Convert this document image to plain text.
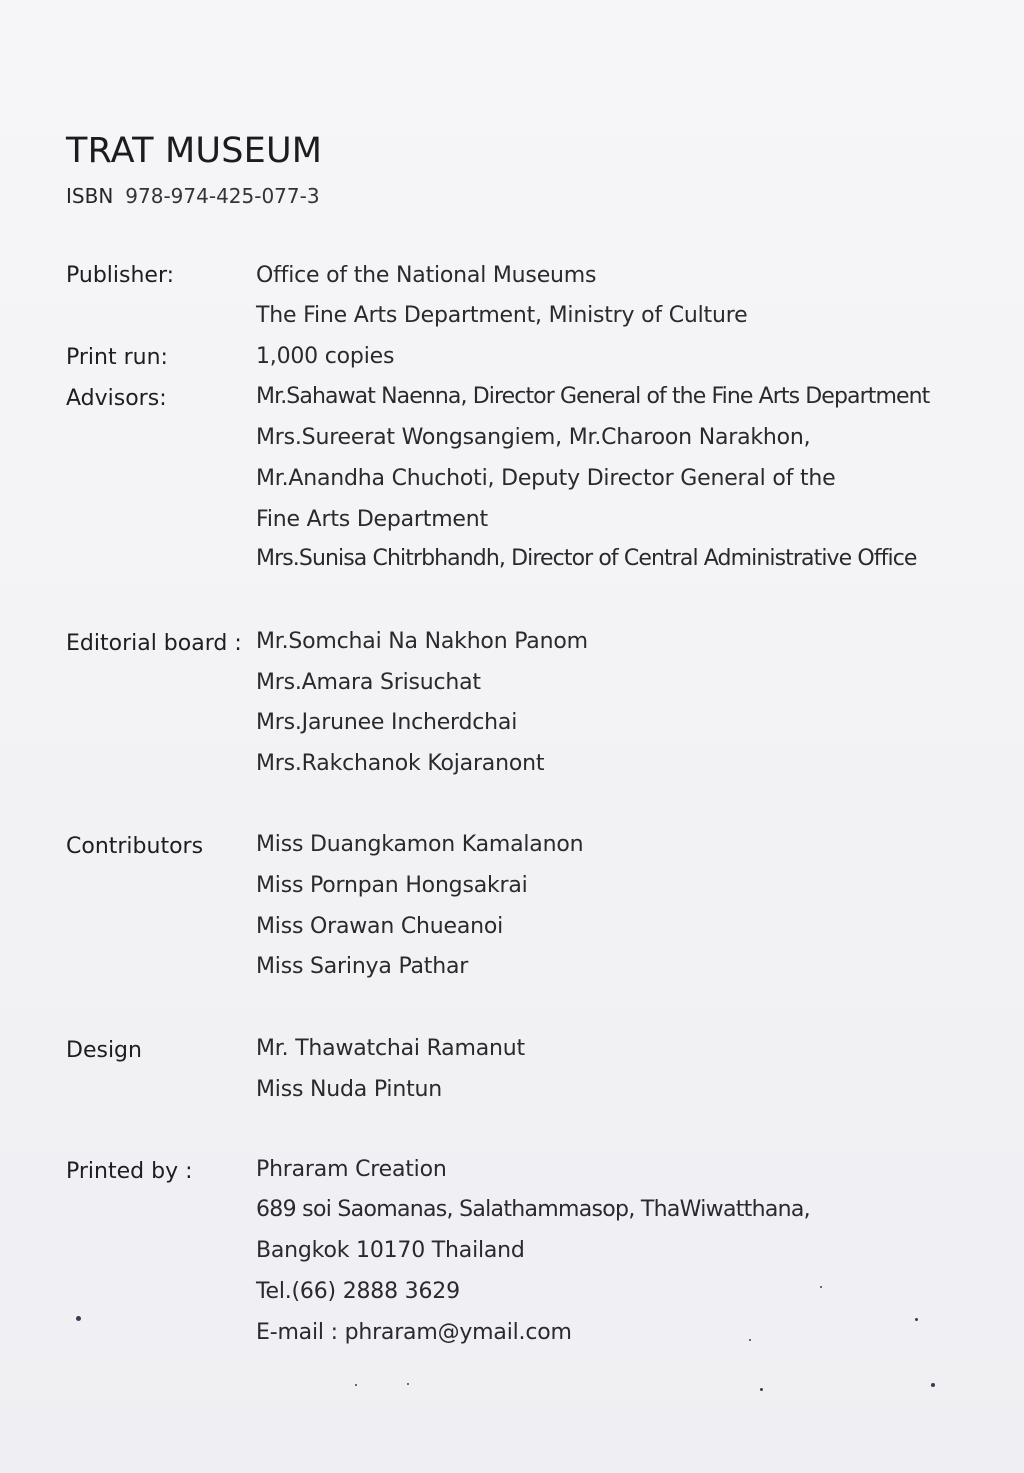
TRAT MUSEUM
ISBN 978-974-425-077-3
Publisher:	Office of the National Museums
The Fine Arts Department, Ministry of Culture
Print run:	1,000 copies
Advisors:	Mr.Sahawat Naenna, Director General of the Fine Arts Department
Mrs.Sureerat Wongsangiem, Mr.Charoon Narakhon,
Mr.Anandha Chuchoti, Deputy Director General of the
Fine Arts Department
Mrs.Sunisa Chitrbhandh, Director of Central Administrative Office
Editorial board : Mr.Somchai Na Nakhon Panom
Mrs.Amara Srisuchat
Mrs.Jarunee Incherdchai
Mrs.Rakchanok Kojaranont
Contributors Miss Duangkamon Kamalanon
Miss Pornpan Hongsakrai
Miss Orawan Chueanoi
Miss Sarinya Pathar
Design	Mr. Thawatchai Ramanut
Miss Nuda Pintun
Printed by :	Phraram Creation
689 soi Saomanas, Salathammasop, ThaWiwatthana,
Bangkok 10170 Thailand
Tel.(66) 2888 3629
E-mail : phraram@ymail.com
